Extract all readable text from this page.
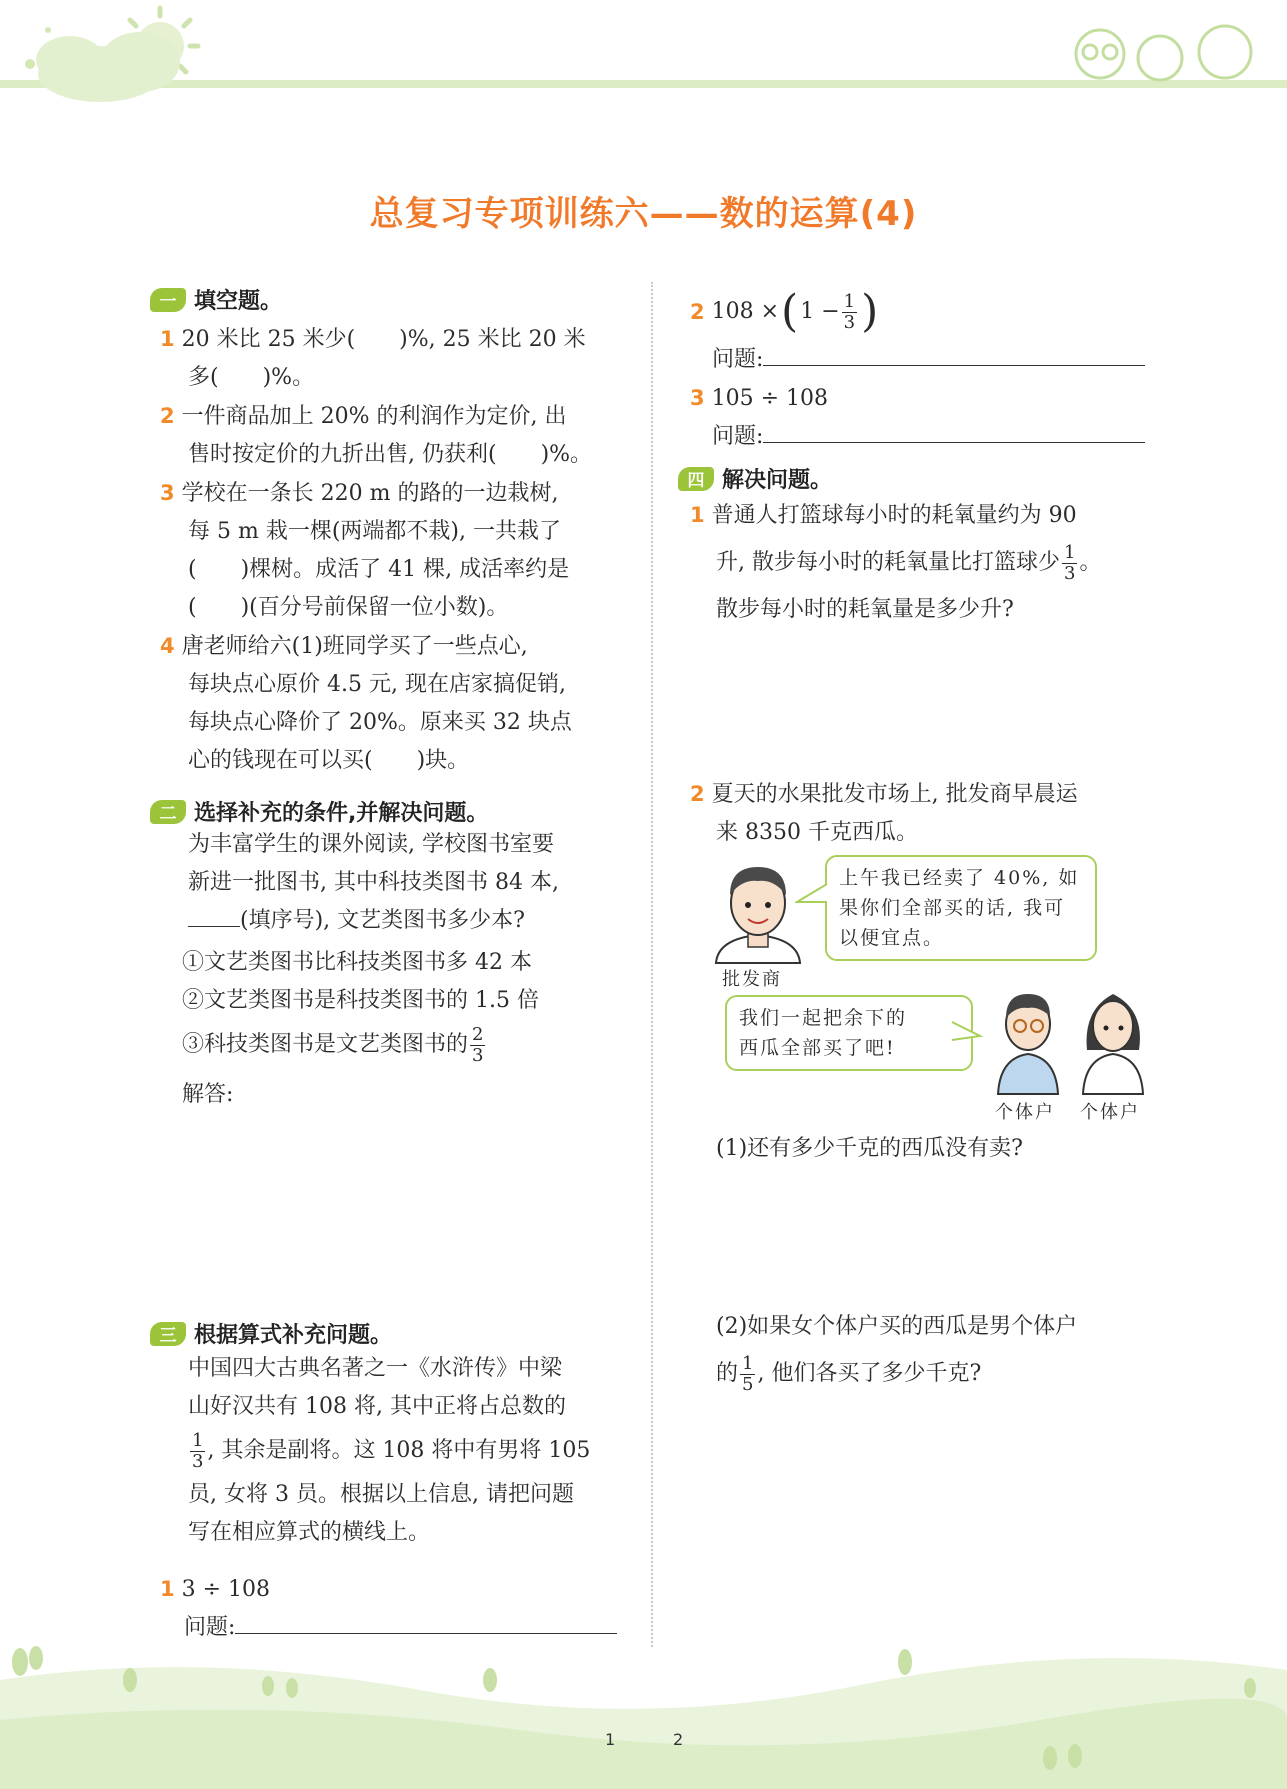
总复习专项训练六——数的运算(4)
一 填空题。
1 20 米比 25 米少(　　)%, 25 米比 20 米
多(　　)%。
2 一件商品加上 20% 的利润作为定价, 出
售时按定价的九折出售, 仍获利(　　)%。
3 学校在一条长 220 m 的路的一边栽树,
每 5 m 栽一棵(两端都不栽), 一共栽了
(　　)棵树。成活了 41 棵, 成活率约是
(　　)(百分号前保留一位小数)。
4 唐老师给六(1)班同学买了一些点心,
每块点心原价 4.5 元, 现在店家搞促销,
每块点心降价了 20%。原来买 32 块点
心的钱现在可以买(　　)块。
二 选择补充的条件,并解决问题。
为丰富学生的课外阅读, 学校图书室要
新进一批图书, 其中科技类图书 84 本,
(填序号), 文艺类图书多少本?
①文艺类图书比科技类图书多 42 本
②文艺类图书是科技类图书的 1.5 倍
③科技类图书是文艺类图书的 $\frac{2}{3}$
解答:
三 根据算式补充问题。
中国四大古典名著之一《水浒传》中梁
山好汉共有 108 将, 其中正将占总数的
$\frac{1}{3}$ , 其余是副将。这 108 将中有男将 105
员, 女将 3 员。根据以上信息, 请把问题
写在相应算式的横线上。
1 3 ÷ 108
问题:
2
108 × ( $1 - \frac{1}{3}$ )
问题:
3 105 ÷ 108
问题:
四 解决问题。
1 普通人打篮球每小时的耗氧量约为 90
升, 散步每小时的耗氧量比打篮球少 $\frac{1}{3}$ 。
散步每小时的耗氧量是多少升?
2 夏天的水果批发市场上, 批发商早晨运
来 8350 千克西瓜。
批发商
上午我已经卖了 40%, 如
果你们全部买的话, 我可
以便宜点。
我们一起把余下的
西瓜全部买了吧!
个体户 个体户
(1)还有多少千克的西瓜没有卖?
(2)如果女个体户买的西瓜是男个体户
的 $\frac{1}{5}$ , 他们各买了多少千克?
1	2
